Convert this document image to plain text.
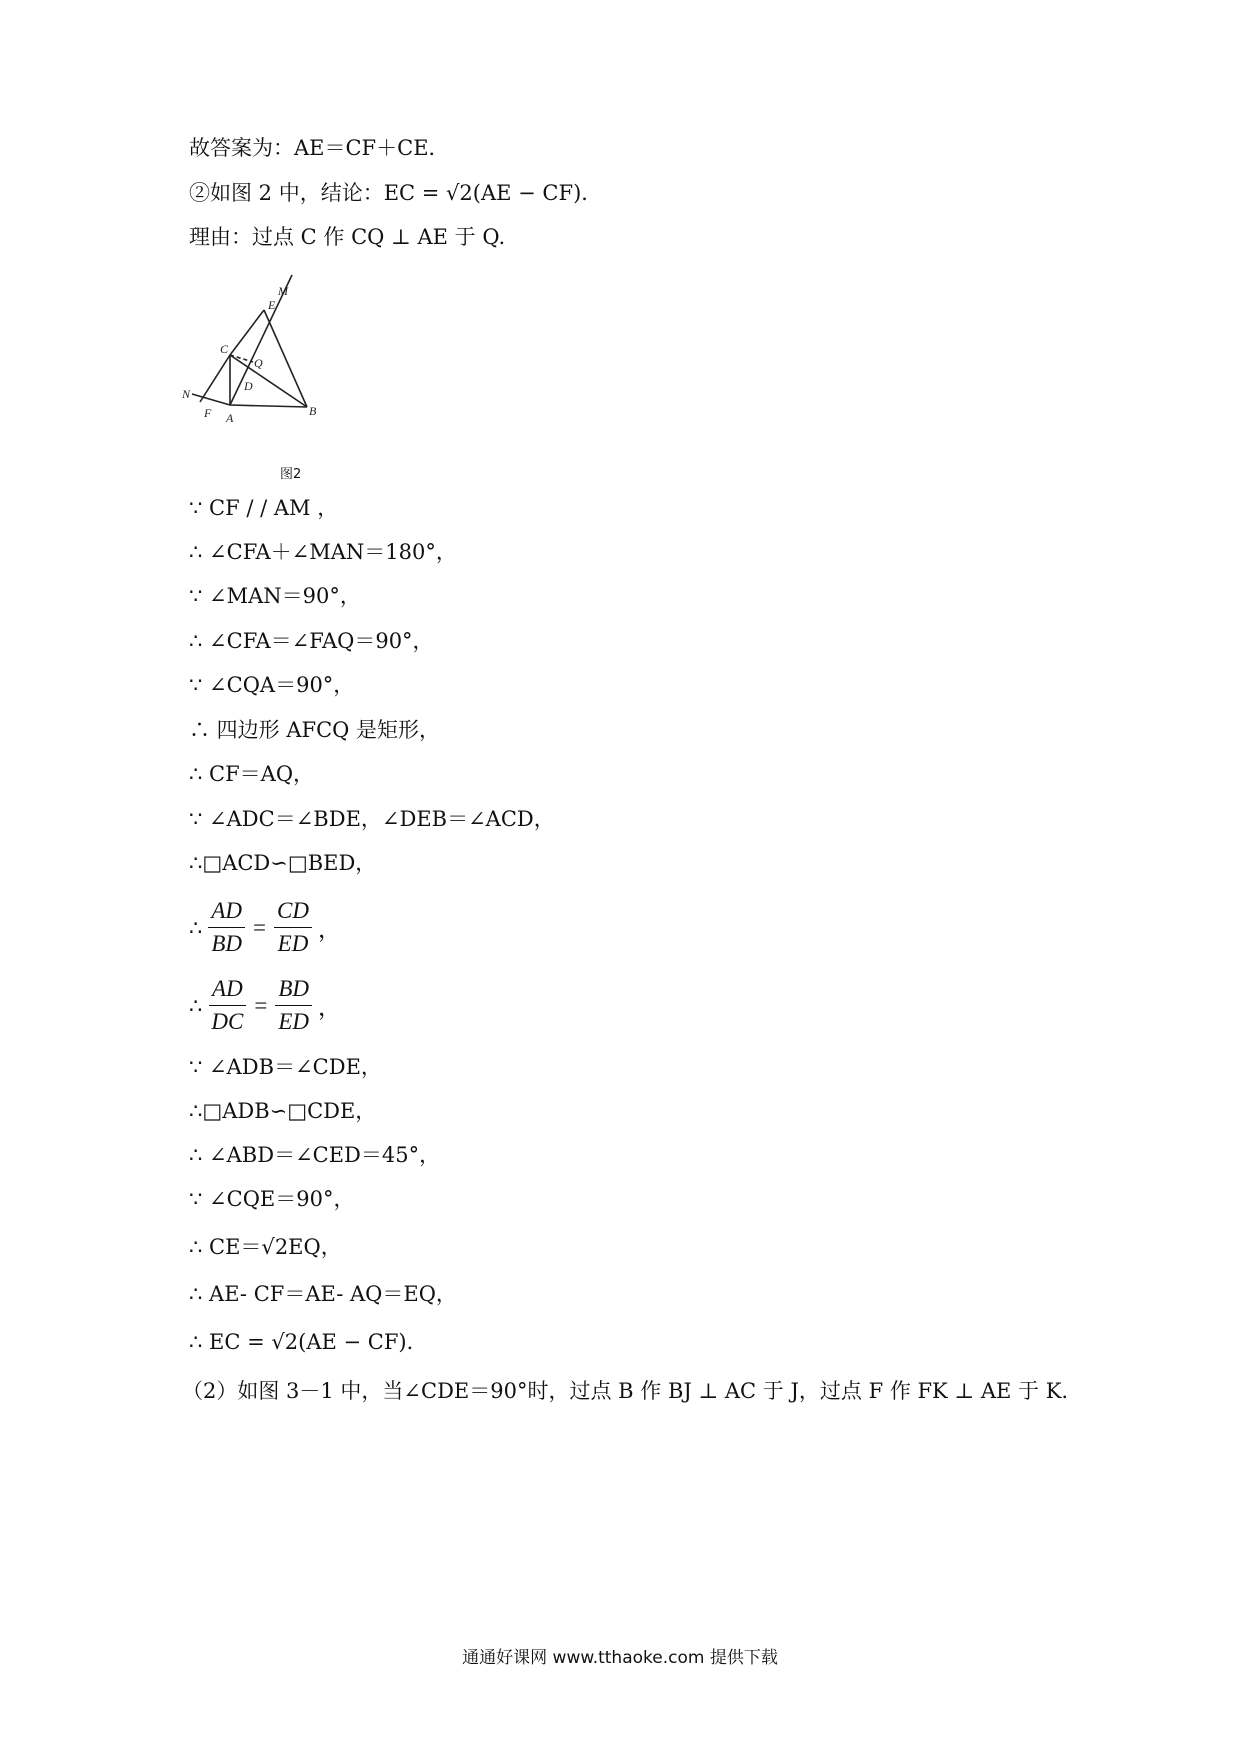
故答案为：AE＝CF＋CE．
②如图 2 中，结论：EC = √2(AE − CF)．
理由：过点 C 作 CQ ⊥ AE 于 Q.
M
E
C
Q
D
N
F A	B
图2
∵ CF / / AM ，
∴ ∠CFA＋∠MAN＝180°，
∵ ∠MAN＝90°，
∴ ∠CFA＝∠FAQ＝90°，
∵ ∠CQA＝90°，
∴ 四边形 AFCQ 是矩形，
∴ CF＝AQ，
∵ ∠ADC＝∠BDE，∠DEB＝∠ACD，
∴□ACD∽□BED，
∴ $\frac{AD}{BD} = \frac{CD}{ED}$ ，
∴ $\frac{AD}{DC} = \frac{BD}{ED}$ ，
∵ ∠ADB＝∠CDE，
∴□ADB∽□CDE，
∴ ∠ABD＝∠CED＝45°，
∵ ∠CQE＝90°，
∴ CE＝√2EQ，
∴ AE- CF＝AE- AQ＝EQ，
∴ EC = √2(AE − CF)．
（2）如图 3－1 中，当∠CDE＝90°时，过点 B 作 BJ ⊥ AC 于 J，过点 F 作 FK ⊥ AE 于 K.
通通好课网 www.tthaoke.com 提供下载
